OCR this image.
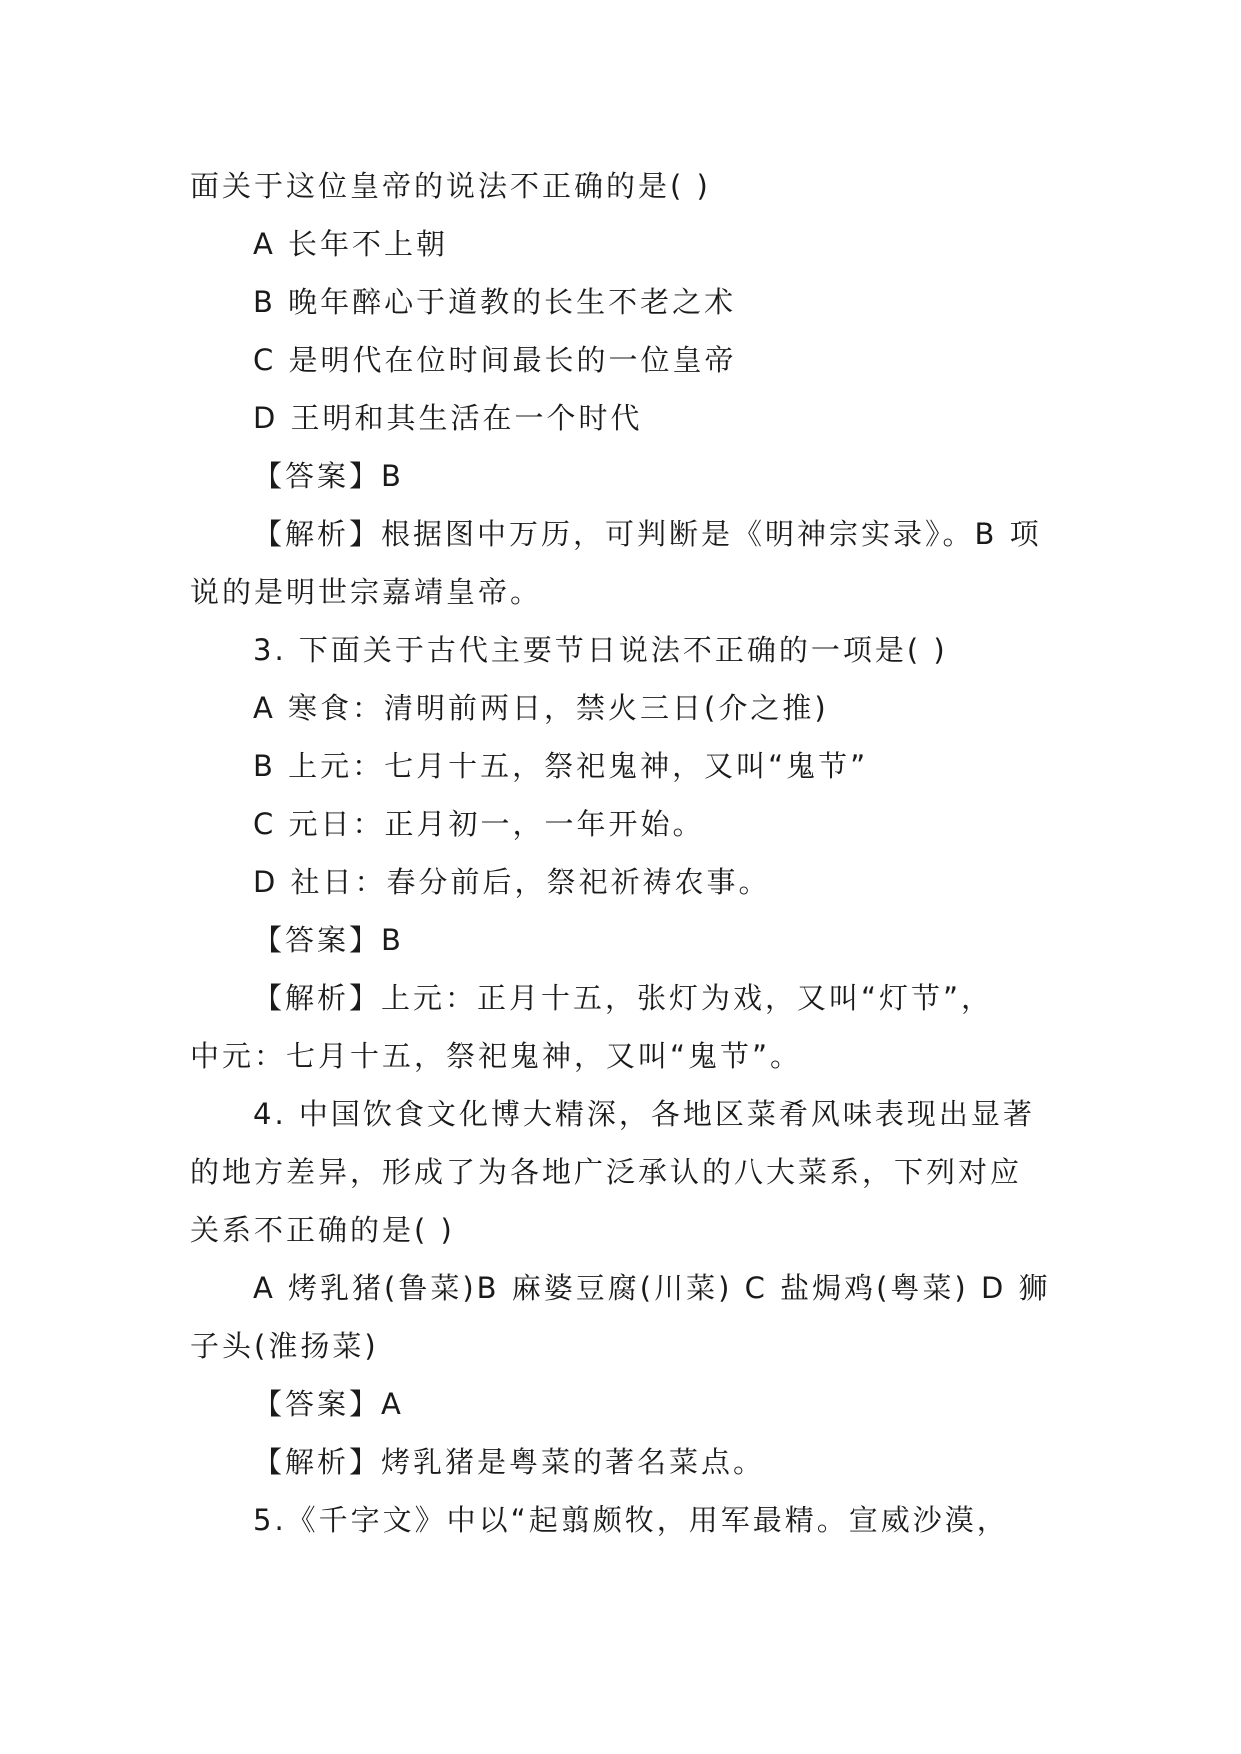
面关于这位皇帝的说法不正确的是( )
A 长年不上朝
B 晚年醉心于道教的长生不老之术
C 是明代在位时间最长的一位皇帝
D 王明和其生活在一个时代
【答案】B
【解析】根据图中万历，可判断是《明神宗实录》。B 项
说的是明世宗嘉靖皇帝。
3. 下面关于古代主要节日说法不正确的一项是( )
A 寒食：清明前两日，禁火三日(介之推)
B 上元：七月十五，祭祀鬼神，又叫“鬼节”
C 元日：正月初一，一年开始。
D 社日：春分前后，祭祀祈祷农事。
【答案】B
【解析】上元：正月十五，张灯为戏，又叫“灯节”，
中元：七月十五，祭祀鬼神，又叫“鬼节”。
4. 中国饮食文化博大精深，各地区菜肴风味表现出显著
的地方差异，形成了为各地广泛承认的八大菜系，下列对应
关系不正确的是( )
A 烤乳猪(鲁菜)B 麻婆豆腐(川菜) C 盐焗鸡(粤菜) D 狮
子头(淮扬菜)
【答案】A
【解析】烤乳猪是粤菜的著名菜点。
5.《千字文》中以“起翦颇牧，用军最精。宣威沙漠，
